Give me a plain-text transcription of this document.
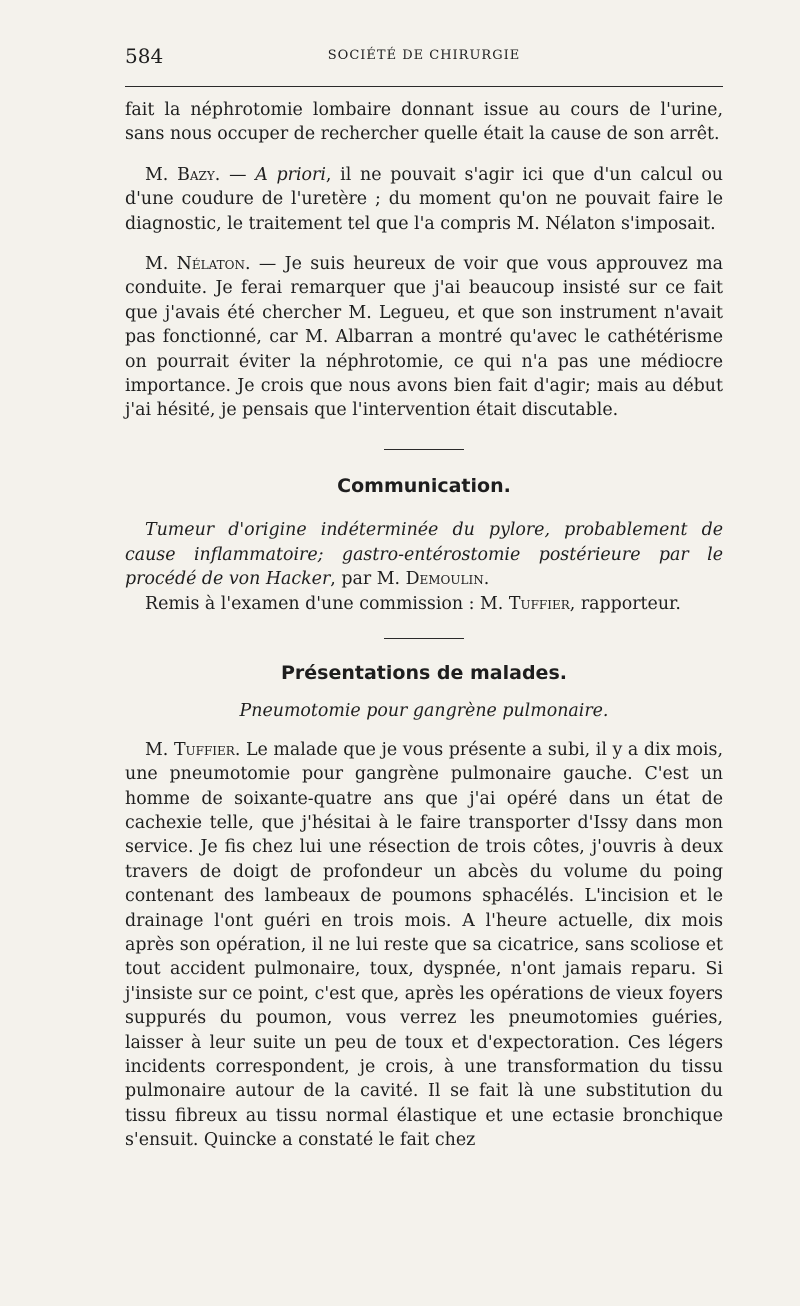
584	SOCIÉTÉ DE CHIRURGIE

fait la néphrotomie lombaire donnant issue au cours de l'urine, sans nous occuper de rechercher quelle était la cause de son arrêt.

M. Bazy. — A priori, il ne pouvait s'agir ici que d'un calcul ou d'une coudure de l'uretère ; du moment qu'on ne pouvait faire le diagnostic, le traitement tel que l'a compris M. Nélaton s'imposait.

M. Nélaton. — Je suis heureux de voir que vous approuvez ma conduite. Je ferai remarquer que j'ai beaucoup insisté sur ce fait que j'avais été chercher M. Legueu, et que son instrument n'avait pas fonctionné, car M. Albarran a montré qu'avec le cathétérisme on pourrait éviter la néphrotomie, ce qui n'a pas une médiocre importance. Je crois que nous avons bien fait d'agir; mais au début j'ai hésité, je pensais que l'intervention était discutable.

Communication.

Tumeur d'origine indéterminée du pylore, probablement de cause inflammatoire; gastro-entérostomie postérieure par le procédé de von Hacker, par M. Demoulin.

Remis à l'examen d'une commission : M. Tuffier, rapporteur.

Présentations de malades.

Pneumotomie pour gangrène pulmonaire.

M. Tuffier. Le malade que je vous présente a subi, il y a dix mois, une pneumotomie pour gangrène pulmonaire gauche. C'est un homme de soixante-quatre ans que j'ai opéré dans un état de cachexie telle, que j'hésitai à le faire transporter d'Issy dans mon service. Je fis chez lui une résection de trois côtes, j'ouvris à deux travers de doigt de profondeur un abcès du volume du poing contenant des lambeaux de poumons sphacélés. L'incision et le drainage l'ont guéri en trois mois. A l'heure actuelle, dix mois après son opération, il ne lui reste que sa cicatrice, sans scoliose et tout accident pulmonaire, toux, dyspnée, n'ont jamais reparu. Si j'insiste sur ce point, c'est que, après les opérations de vieux foyers suppurés du poumon, vous verrez les pneumotomies guéries, laisser à leur suite un peu de toux et d'expectoration. Ces légers incidents correspondent, je crois, à une transformation du tissu pulmonaire autour de la cavité. Il se fait là une substitution du tissu fibreux au tissu normal élastique et une ectasie bronchique s'ensuit. Quincke a constaté le fait chez
